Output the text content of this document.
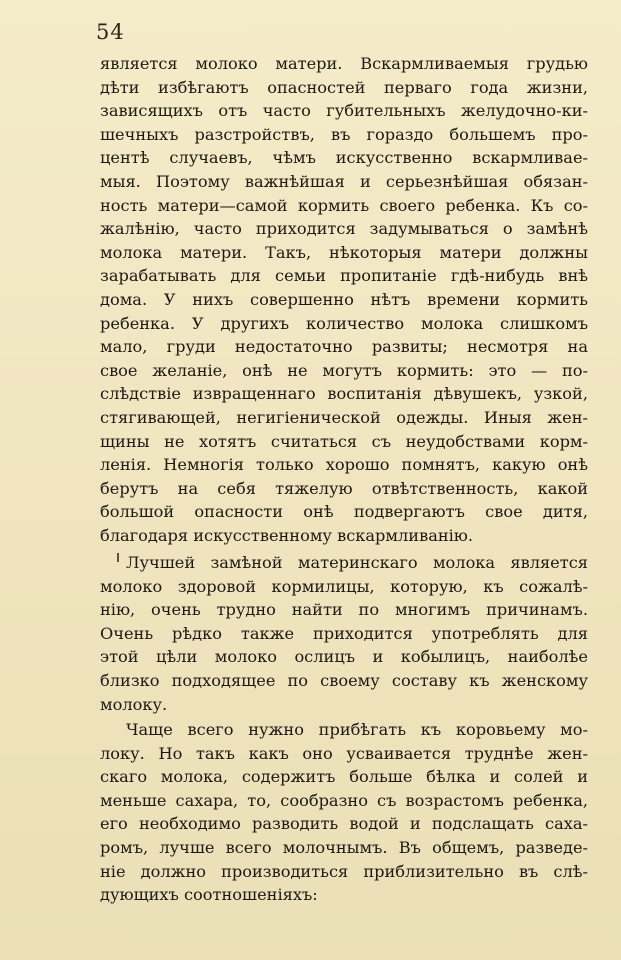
54
является молоко матери. Вскармливаемыя грудью
дѣти избѣгаютъ опасностей перваго года жизни,
зависящихъ отъ часто губительныхъ желудочно-ки-
шечныхъ разстройствъ, въ гораздо большемъ про-
центѣ случаевъ, чѣмъ искусственно вскармливае-
мыя. Поэтому важнѣйшая и серьезнѣйшая обязан-
ность матери—самой кормить своего ребенка. Къ со-
жалѣнію, часто приходится задумываться о замѣнѣ
молока матери. Такъ, нѣкоторыя матери должны
зарабатывать для семьи пропитаніе гдѣ-нибудь внѣ
дома. У нихъ совершенно нѣтъ времени кормить
ребенка. У другихъ количество молока слишкомъ
мало, груди недостаточно развиты; несмотря на
свое желаніе, онѣ не могутъ кормить: это — по-
слѣдствіе извращеннаго воспитанія дѣвушекъ, узкой,
стягивающей, негигіенической одежды. Иныя жен-
щины не хотятъ считаться съ неудобствами корм-
ленія. Немногія только хорошо помнятъ, какую онѣ
берутъ на себя тяжелую отвѣтственность, какой
большой опасности онѣ подвергаютъ свое дитя,
благодаря искусственному вскармливанію.
Лучшей замѣной материнскаго молока является
молоко здоровой кормилицы, которую, къ сожалѣ-
нію, очень трудно найти по многимъ причинамъ.
Очень рѣдко также приходится употреблять для
этой цѣли молоко ослицъ и кобылицъ, наиболѣе
близко подходящее по своему составу къ женскому
молоку.
Чаще всего нужно прибѣгать къ коровьему мо-
локу. Но такъ какъ оно усваивается труднѣе жен-
скаго молока, содержитъ больше бѣлка и солей и
меньше сахара, то, сообразно съ возрастомъ ребенка,
его необходимо разводить водой и подслащать саха-
ромъ, лучше всего молочнымъ. Въ общемъ, разведе-
ніе должно производиться приблизительно въ слѣ-
дующихъ соотношеніяхъ:
